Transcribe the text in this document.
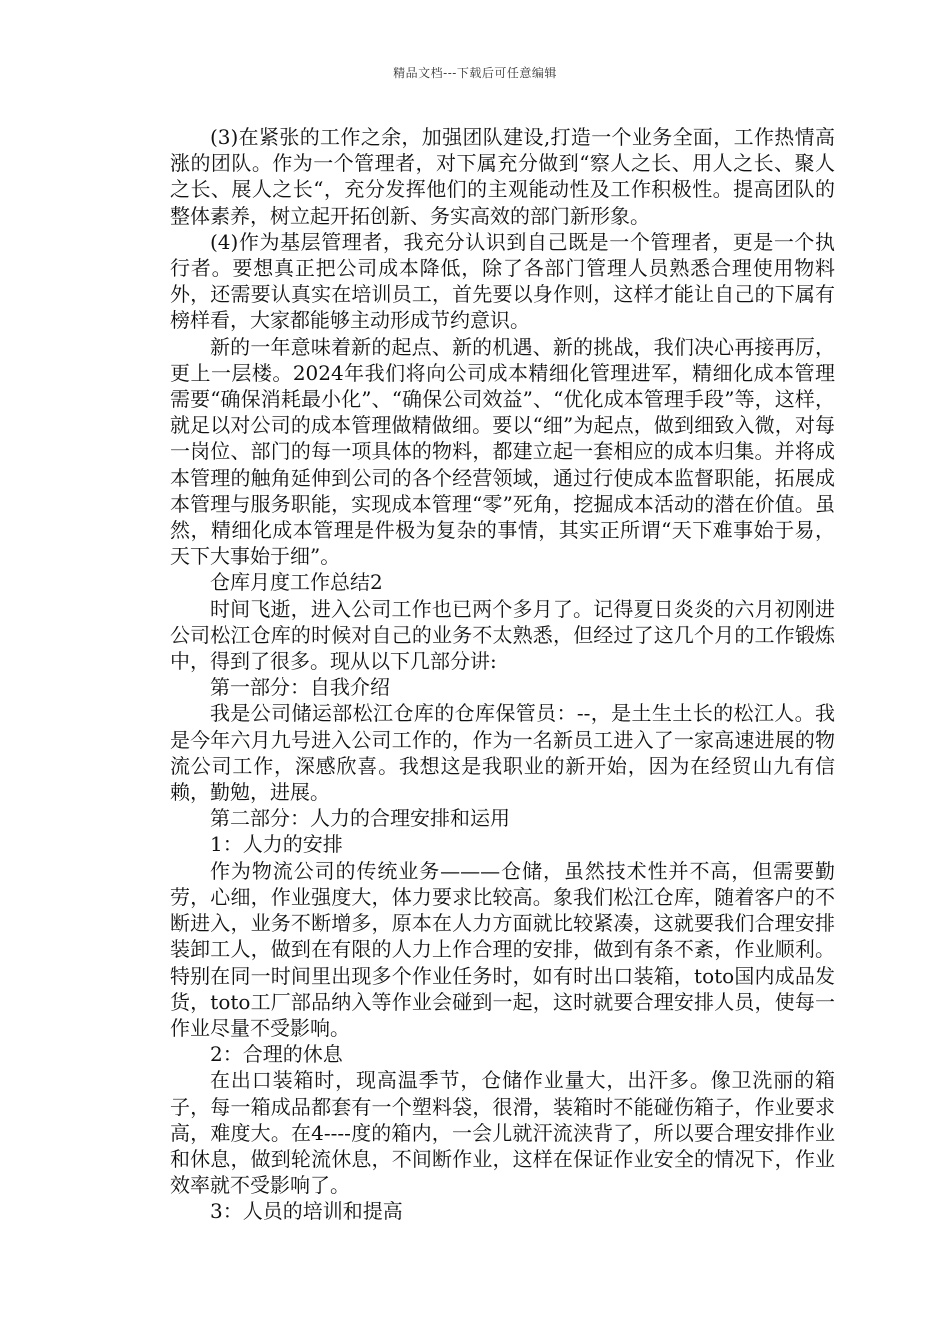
精品文档---下载后可任意编辑

(3)在紧张的工作之余，加强团队建设,打造一个业务全面，工作热情高涨的团队。作为一个管理者，对下属充分做到“察人之长、用人之长、聚人之长、展人之长“，充分发挥他们的主观能动性及工作积极性。提高团队的整体素养，树立起开拓创新、务实高效的部门新形象。

(4)作为基层管理者，我充分认识到自己既是一个管理者，更是一个执行者。要想真正把公司成本降低，除了各部门管理人员熟悉合理使用物料外，还需要认真实在培训员工，首先要以身作则，这样才能让自己的下属有榜样看，大家都能够主动形成节约意识。

新的一年意味着新的起点、新的机遇、新的挑战，我们决心再接再厉，更上一层楼。2024年我们将向公司成本精细化管理进军，精细化成本管理需要“确保消耗最小化”、“确保公司效益”、“优化成本管理手段”等，这样，就足以对公司的成本管理做精做细。要以“细”为起点，做到细致入微，对每一岗位、部门的每一项具体的物料，都建立起一套相应的成本归集。并将成本管理的触角延伸到公司的各个经营领域，通过行使成本监督职能，拓展成本管理与服务职能，实现成本管理“零”死角，挖掘成本活动的潜在价值。虽然，精细化成本管理是件极为复杂的事情，其实正所谓“天下难事始于易，天下大事始于细”。

仓库月度工作总结2

时间飞逝，进入公司工作也已两个多月了。记得夏日炎炎的六月初刚进公司松江仓库的时候对自己的业务不太熟悉，但经过了这几个月的工作锻炼中，得到了很多。现从以下几部分讲:

第一部分：自我介绍

我是公司储运部松江仓库的仓库保管员：--，是土生土长的松江人。我是今年六月九号进入公司工作的，作为一名新员工进入了一家高速进展的物流公司工作，深感欣喜。我想这是我职业的新开始，因为在经贸山九有信赖，勤勉，进展。

第二部分：人力的合理安排和运用

1：人力的安排

作为物流公司的传统业务———仓储，虽然技术性并不高，但需要勤劳，心细，作业强度大，体力要求比较高。象我们松江仓库，随着客户的不断进入，业务不断增多，原本在人力方面就比较紧凑，这就要我们合理安排装卸工人，做到在有限的人力上作合理的安排，做到有条不紊，作业顺利。特别在同一时间里出现多个作业任务时，如有时出口装箱，toto国内成品发货，toto工厂部品纳入等作业会碰到一起，这时就要合理安排人员，使每一作业尽量不受影响。

2：合理的休息

在出口装箱时，现高温季节，仓储作业量大，出汗多。像卫洗丽的箱子，每一箱成品都套有一个塑料袋，很滑，装箱时不能碰伤箱子，作业要求高，难度大。在4----度的箱内，一会儿就汗流浃背了，所以要合理安排作业和休息，做到轮流休息，不间断作业，这样在保证作业安全的情况下，作业效率就不受影响了。

3：人员的培训和提高
